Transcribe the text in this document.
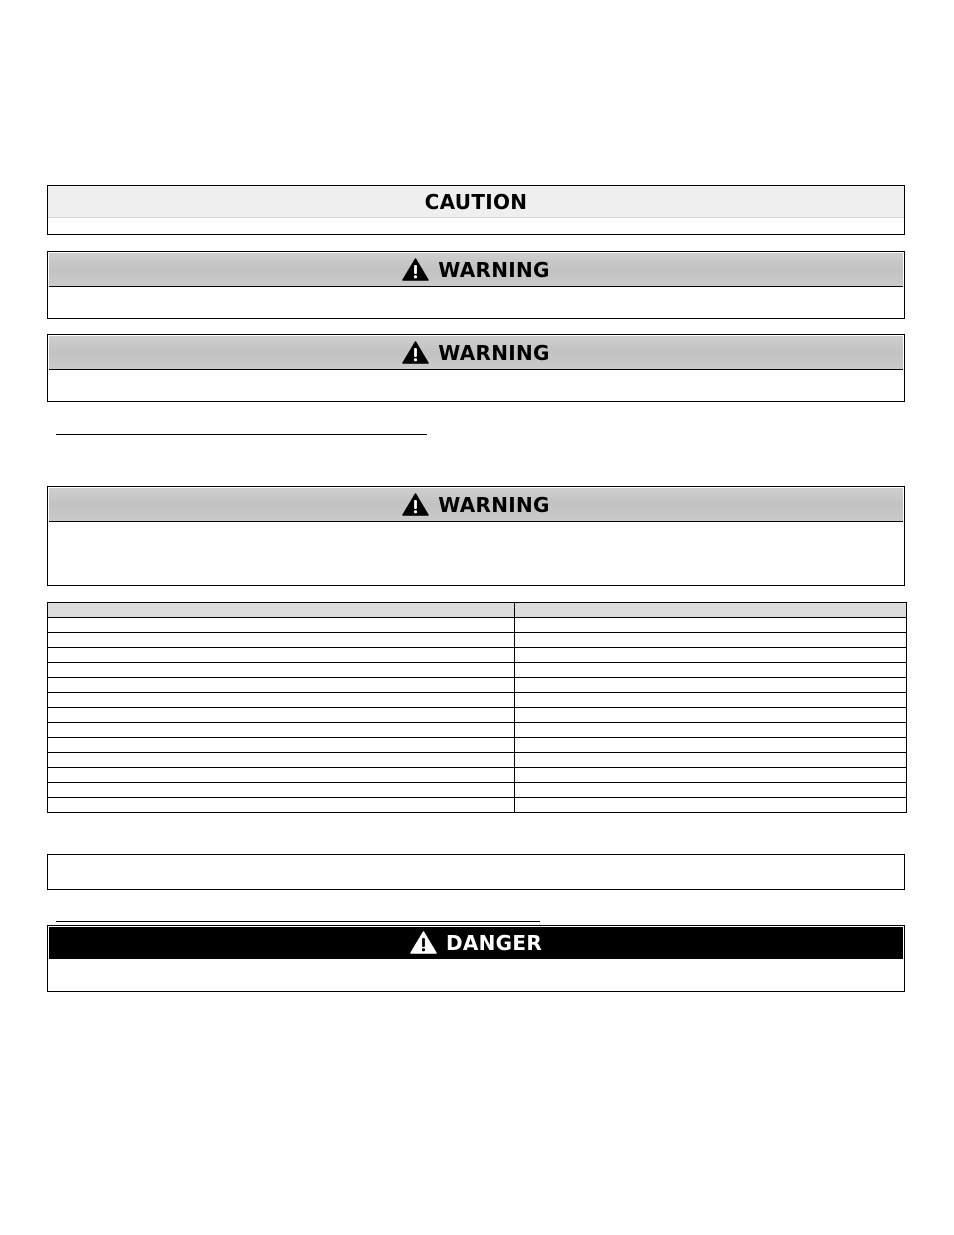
CAUTION
WARNING
WARNING
WARNING

DANGER
